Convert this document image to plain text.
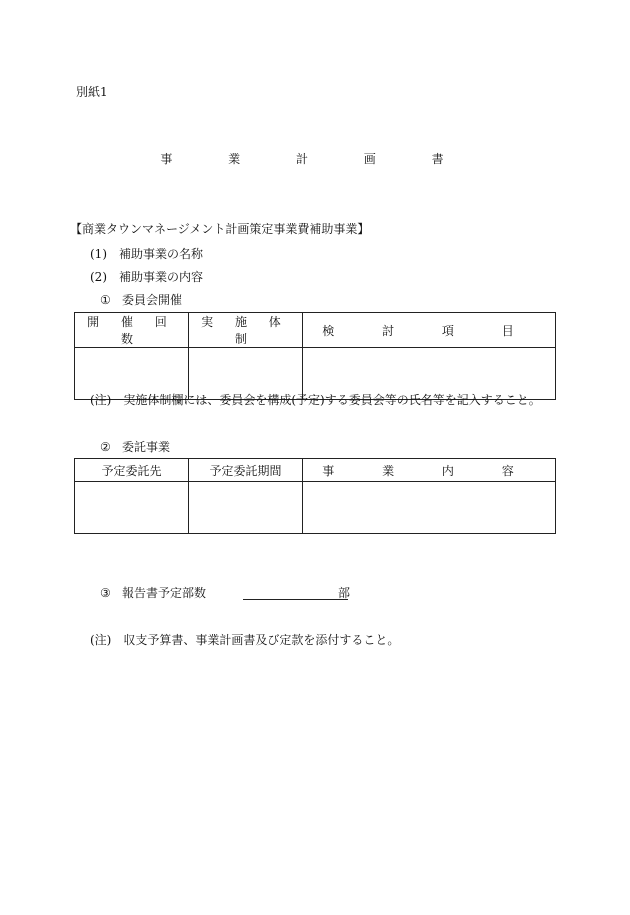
別紙1
事 業 計 画 書
【商業タウンマネージメント計画策定事業費補助事業】
(1)　補助事業の名称
(2)　補助事業の内容
① 委員会開催
開 催 回 数	実 施 体 制	検 討 項 目

(注)　実施体制欄には、委員会を構成(予定)する委員会等の氏名等を記入すること。
② 委託事業
予定委託先	予定委託期間	事 業 内 容

③ 報告書予定部数	部
(注)　収支予算書、事業計画書及び定款を添付すること。
